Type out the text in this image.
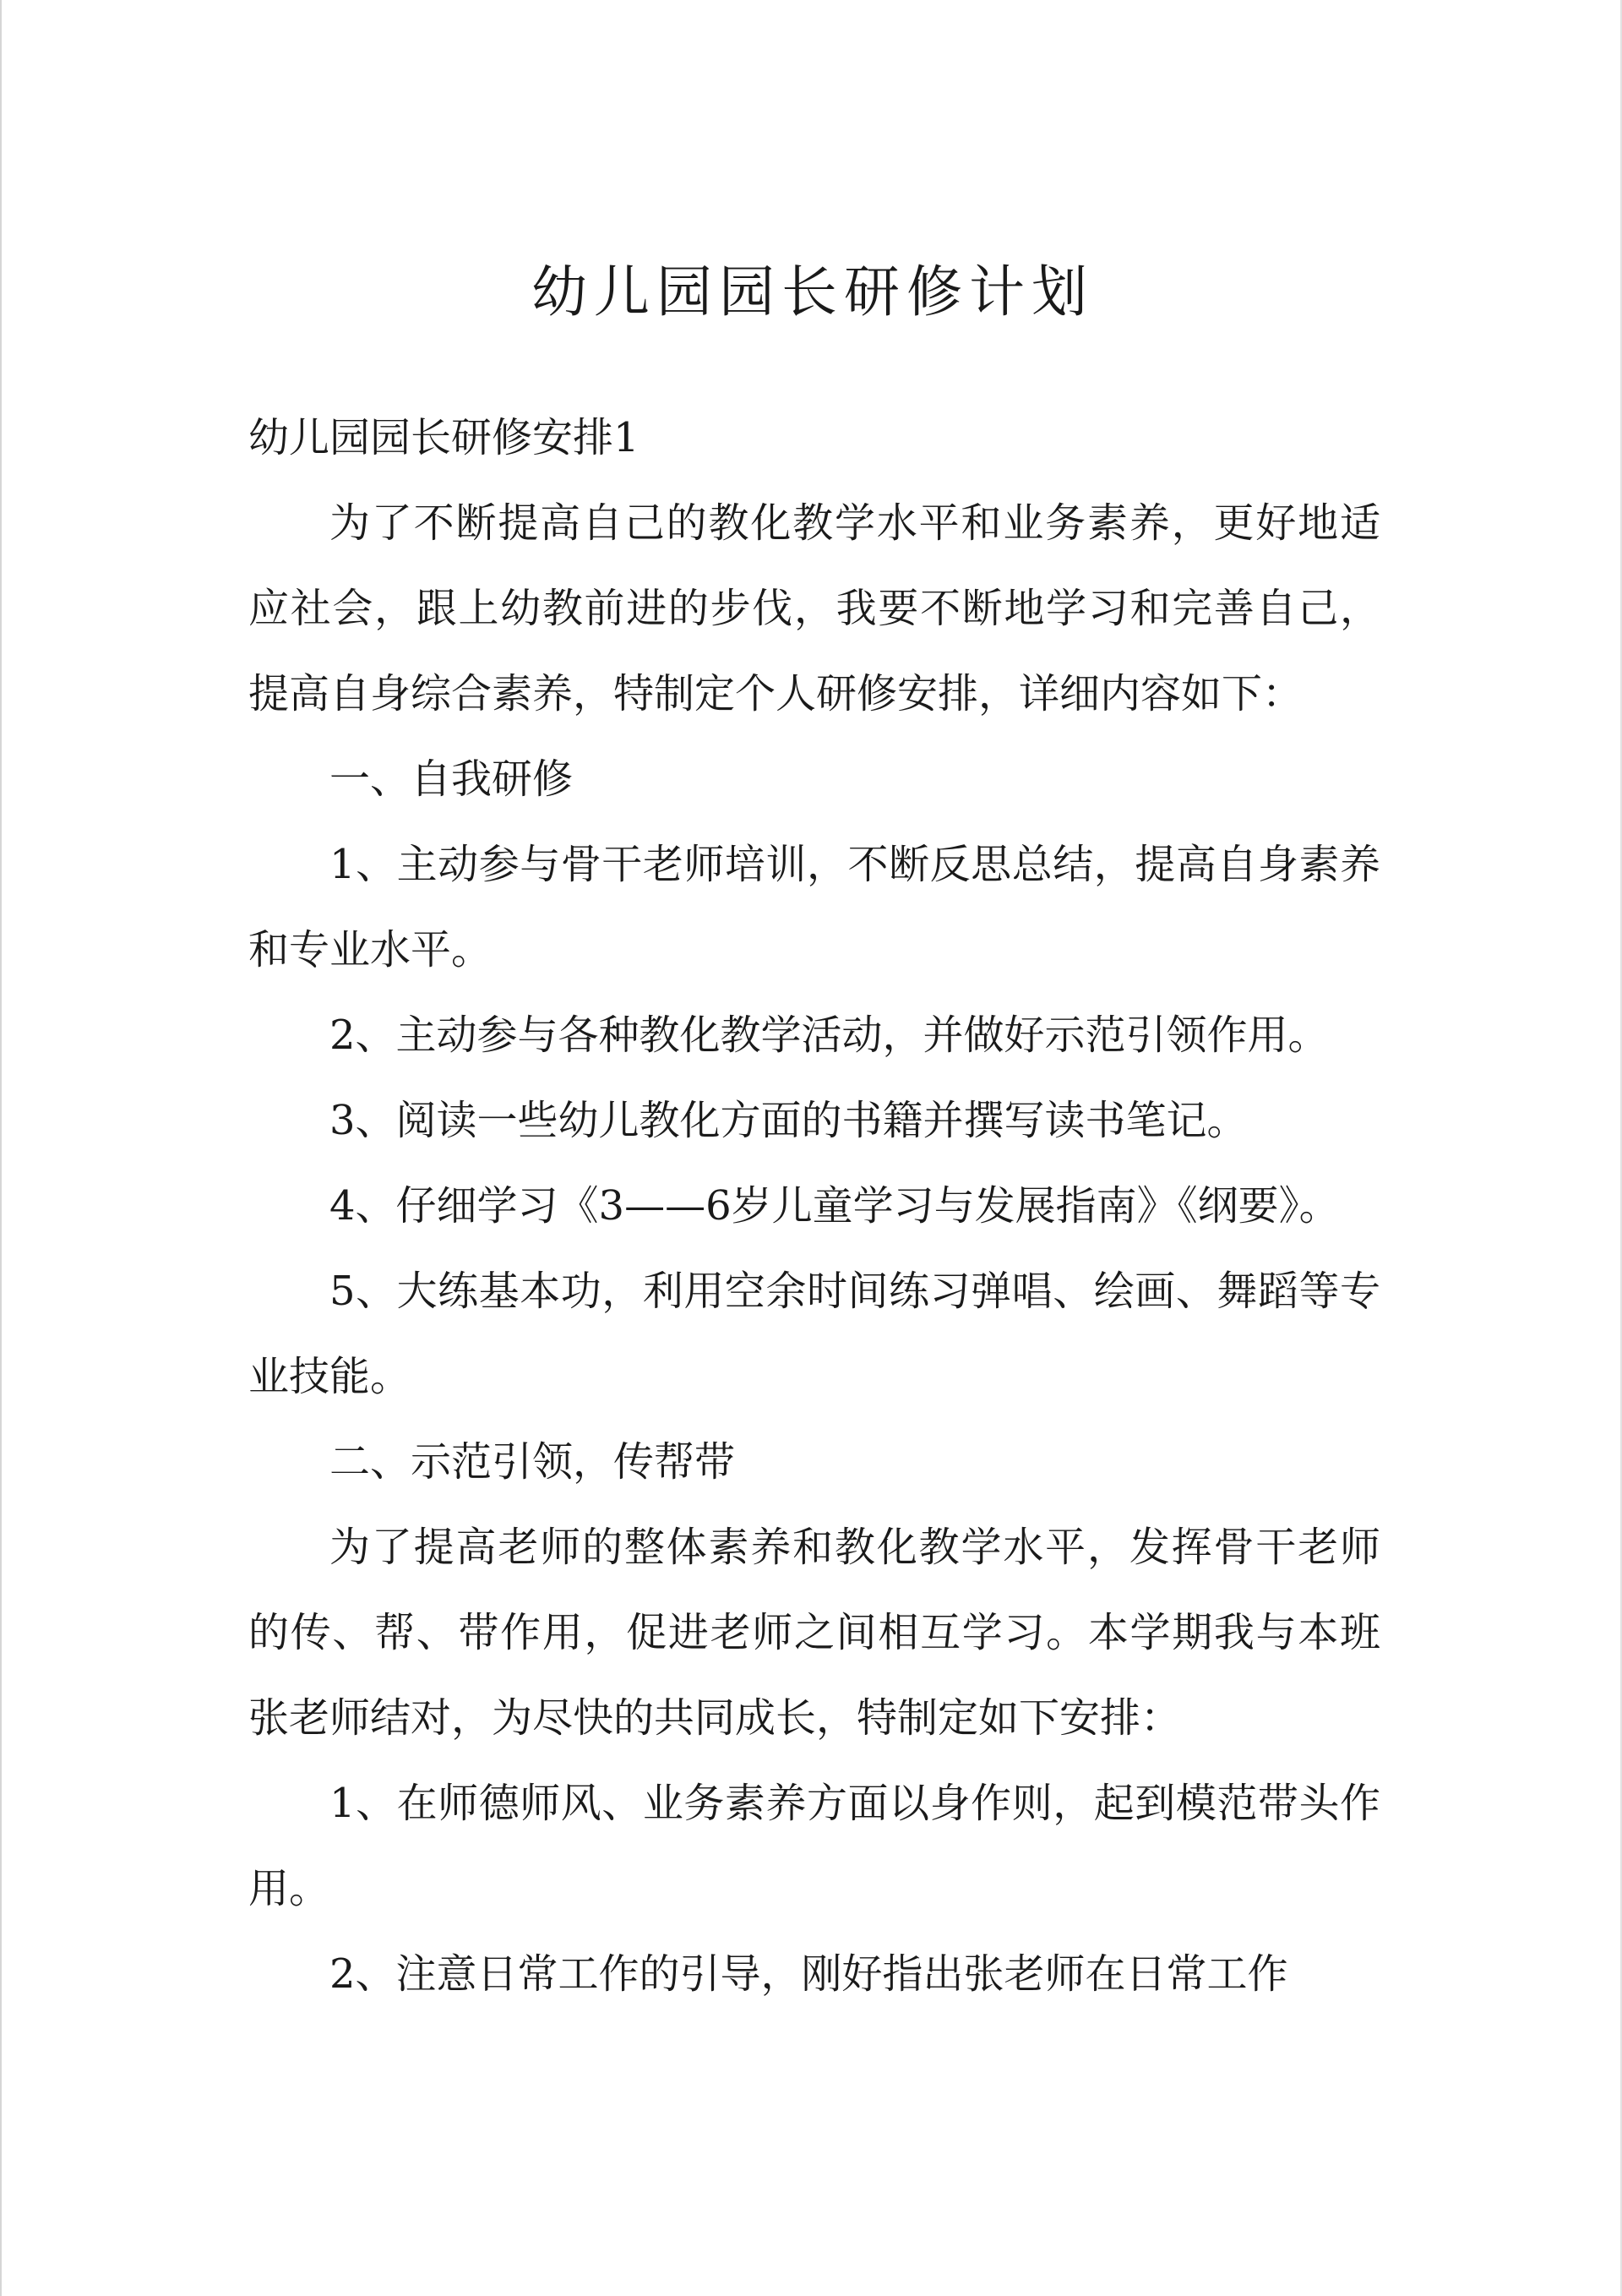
幼儿园园长研修计划

幼儿园园长研修安排1

为了不断提高自己的教化教学水平和业务素养，更好地适应社会，跟上幼教前进的步伐，我要不断地学习和完善自己，提高自身综合素养，特制定个人研修安排，详细内容如下：

一、自我研修

1、主动参与骨干老师培训，不断反思总结，提高自身素养和专业水平。

2、主动参与各种教化教学活动，并做好示范引领作用。

3、阅读一些幼儿教化方面的书籍并撰写读书笔记。

4、仔细学习《3——6岁儿童学习与发展指南》《纲要》。

5、大练基本功，利用空余时间练习弹唱、绘画、舞蹈等专业技能。

二、示范引领，传帮带

为了提高老师的整体素养和教化教学水平，发挥骨干老师的传、帮、带作用，促进老师之间相互学习。本学期我与本班张老师结对，为尽快的共同成长，特制定如下安排：

1、在师德师风、业务素养方面以身作则，起到模范带头作用。

2、注意日常工作的引导，刚好指出张老师在日常工作
